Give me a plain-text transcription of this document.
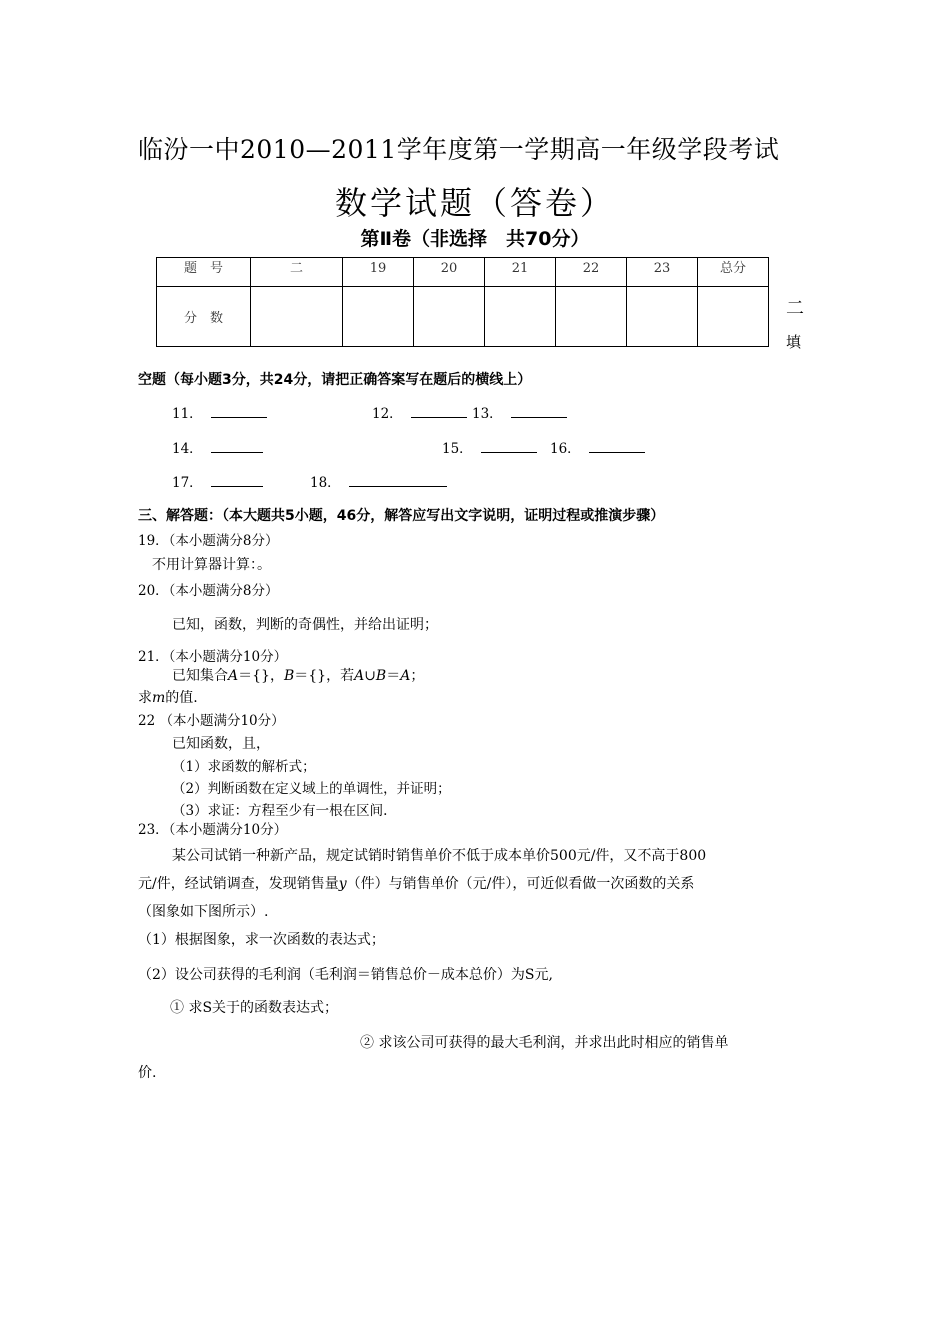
临汾一中2010—2011学年度第一学期高一年级学段考试
数学试题（答卷）
第Ⅱ卷（非选择　共70分）
题　号	二	19	20	21	22	23	总分
分　数								二
填
空题（每小题3分，共24分，请把正确答案写在题后的横线上）
11．	12．	13．
14．	15．	16．
17．	18．
三、解答题：（本大题共5小题，46分，解答应写出文字说明，证明过程或推演步骤）
19．（本小题满分8分）
不用计算器计算：。
20．（本小题满分8分）
已知，函数，判断的奇偶性，并给出证明；
21．（本小题满分10分）
已知集合A＝{}，B＝{}，若A∪B＝A；
求m的值.
22 （本小题满分10分）
已知函数，且，
（1）求函数的解析式；
（2）判断函数在定义域上的单调性，并证明；
（3）求证：方程至少有一根在区间.
23．（本小题满分10分）
某公司试销一种新产品，规定试销时销售单价不低于成本单价500元/件，又不高于800
元/件，经试销调查，发现销售量y（件）与销售单价（元/件），可近似看做一次函数的关系
（图象如下图所示）.
（1）根据图象，求一次函数的表达式；
（2）设公司获得的毛利润（毛利润＝销售总价－成本总价）为S元,
① 求S关于的函数表达式；
② 求该公司可获得的最大毛利润，并求出此时相应的销售单
价.
